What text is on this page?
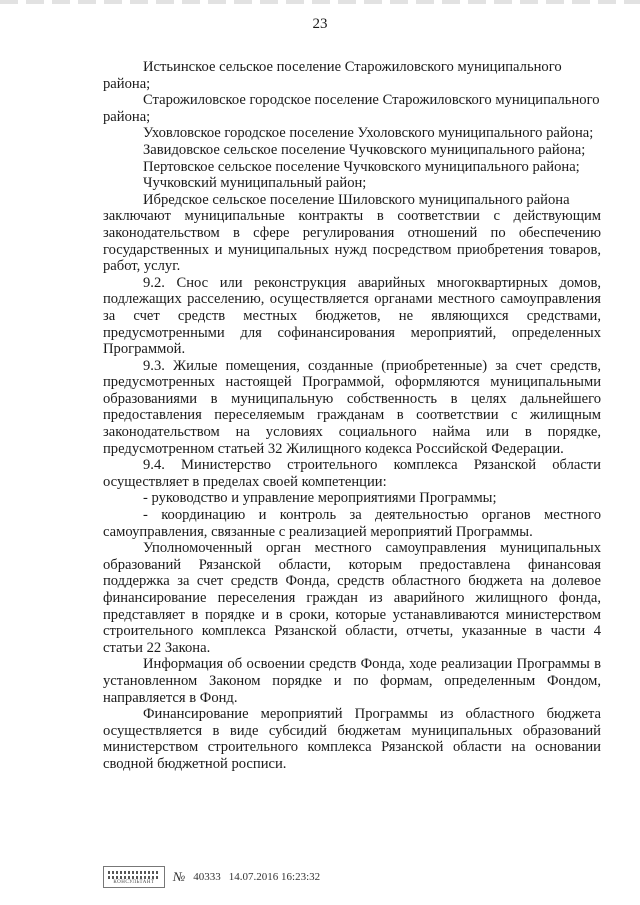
23

Истьинское сельское поселение Старожиловского муниципального района;

Старожиловское городское поселение Старожиловского муниципального района;

Уховловское городское поселение Ухоловского муниципального района;

Завидовское сельское поселение Чучковского муниципального района;

Пертовское сельское поселение Чучковского муниципального района;

Чучковский муниципальный район;

Ибредское сельское поселение Шиловского муниципального района

заключают муниципальные контракты в соответствии с действующим законодательством в сфере регулирования отношений по обеспечению государственных и муниципальных нужд посредством приобретения товаров, работ, услуг.

9.2. Снос или реконструкция аварийных многоквартирных домов, подлежащих расселению, осуществляется органами местного самоуправления за счет средств местных бюджетов, не являющихся средствами, предусмотренными для софинансирования мероприятий, определенных Программой.

9.3. Жилые помещения, созданные (приобретенные) за счет средств, предусмотренных настоящей Программой, оформляются муниципальными образованиями в муниципальную собственность в целях дальнейшего предоставления переселяемым гражданам в соответствии с жилищным законодательством на условиях социального найма или в порядке, предусмотренном статьей 32 Жилищного кодекса Российской Федерации.

9.4. Министерство строительного комплекса Рязанской области осуществляет в пределах своей компетенции:

- руководство и управление мероприятиями Программы;

- координацию и контроль за деятельностью органов местного самоуправления, связанные с реализацией мероприятий Программы.

Уполномоченный орган местного самоуправления муниципальных образований Рязанской области, которым предоставлена финансовая поддержка за счет средств Фонда, средств областного бюджета на долевое финансирование переселения граждан из аварийного жилищного фонда, представляет в порядке и в сроки, которые устанавливаются министерством строительного комплекса Рязанской области, отчеты, указанные в части 4 статьи 22 Закона.

Информация об освоении средств Фонда, ходе реализации Программы в установленном Законом порядке и по формам, определенным Фондом, направляется в Фонд.

Финансирование мероприятий Программы из областного бюджета осуществляется в виде субсидий бюджетам муниципальных образований министерством строительного комплекса Рязанской области на основании сводной бюджетной росписи.

КОНСУЛЬТАНТ № 40333 14.07.2016 16:23:32
